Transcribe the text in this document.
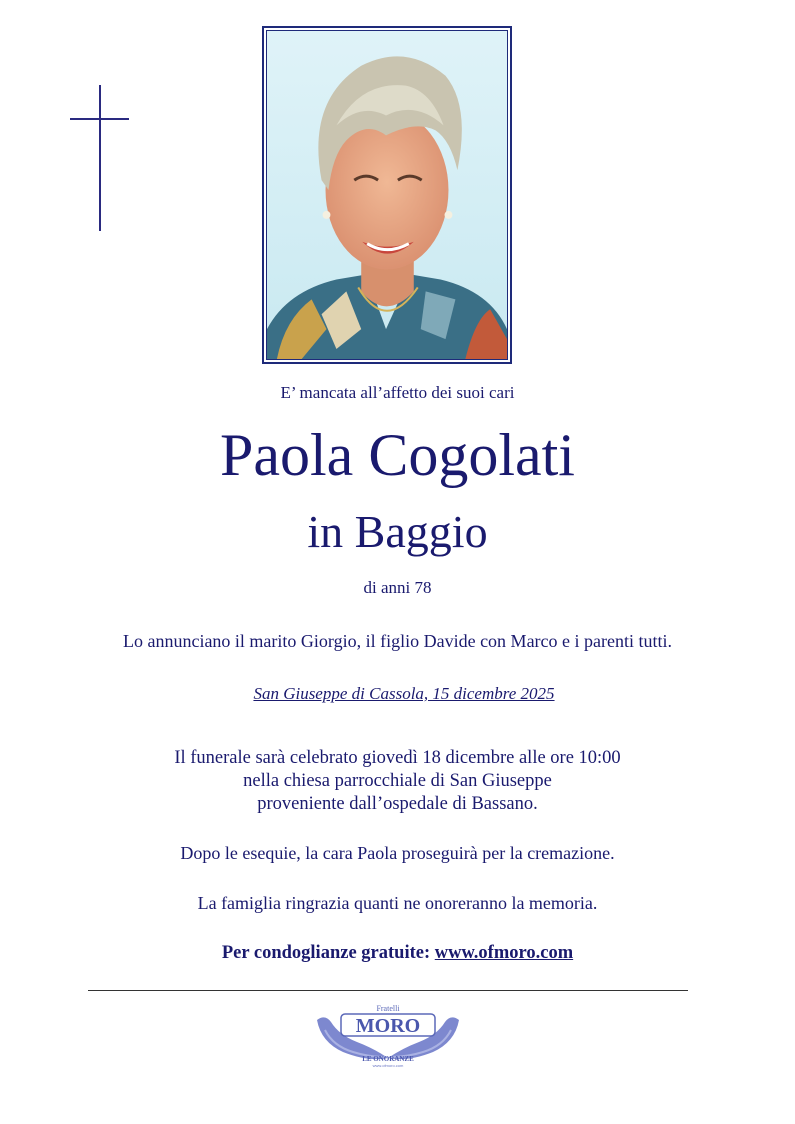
E’ mancata all’affetto dei suoi cari
Paola Cogolati
in Baggio
di anni 78
Lo annunciano il marito Giorgio, il figlio Davide con Marco e i parenti tutti.
San Giuseppe di Cassola, 15 dicembre 2025
Il funerale sarà celebrato giovedì 18 dicembre alle ore 10:00
nella chiesa parrocchiale di San Giuseppe
proveniente dall’ospedale di Bassano.
Dopo le esequie, la cara Paola proseguirà per la cremazione.
La famiglia ringrazia quanti ne onoreranno la memoria.
Per condoglianze gratuite: www.ofmoro.com
Fratelli
MORO
LE ONORANZE
www.ofmoro.com
